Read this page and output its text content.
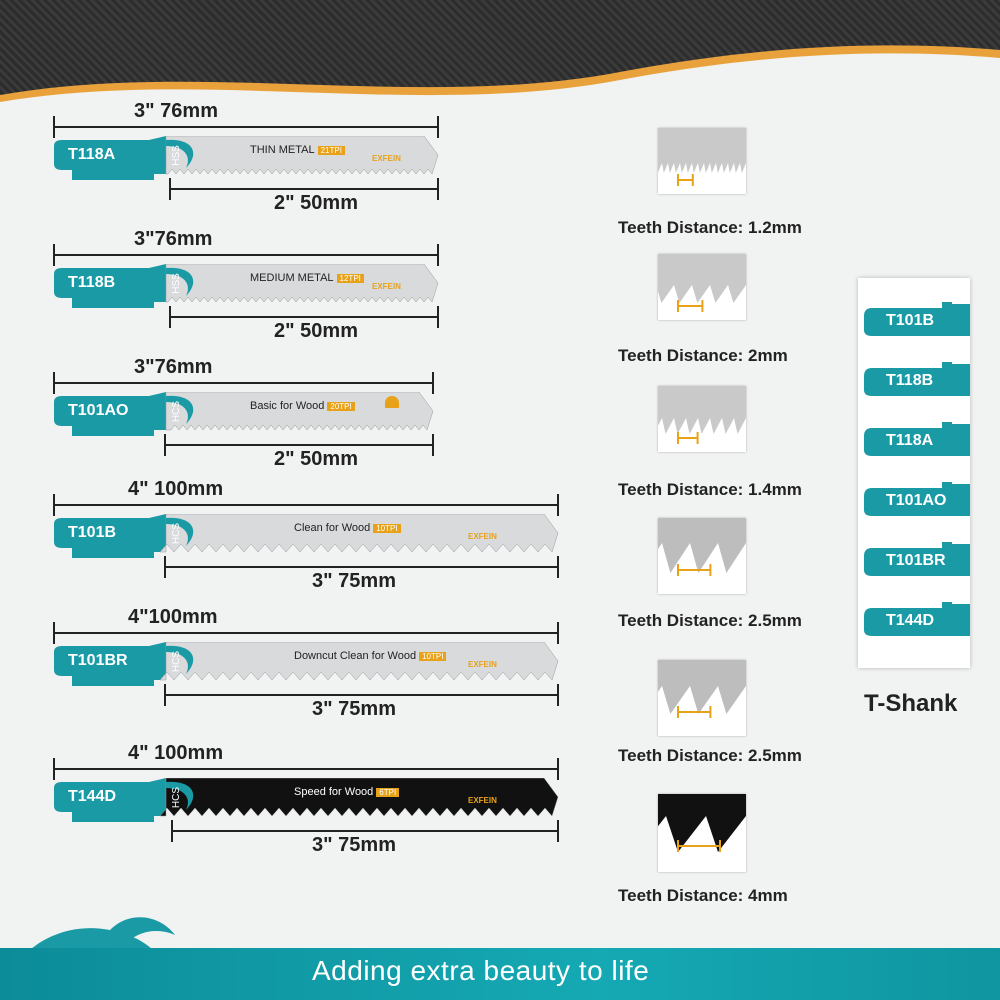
3" 76mm
T118A	HSS	THIN METAL 21TPI
EXFEIN
2" 50mm
3"76mm
T118B	HSS	MEDIUM METAL 12TPI
EXFEIN
2" 50mm
3"76mm
T101AO	HCS	Basic for Wood 20TPI
2" 50mm
4" 100mm
T101B	HCS	Clean for Wood 10TPI
EXFEIN
3" 75mm
4"100mm
T101BR	HCS	Downcut Clean for Wood 10TPI
EXFEIN
3" 75mm
4" 100mm
T144D	HCS	Speed for Wood 6TPI
EXFEIN
3" 75mm
Teeth Distance: 1.2mm
Teeth Distance: 2mm
Teeth Distance: 1.4mm
Teeth Distance: 2.5mm
Teeth Distance: 2.5mm
Teeth Distance: 4mm
T101B
T118B
T118A
T101AO
T101BR
T144D
T-Shank
Adding extra beauty to life
